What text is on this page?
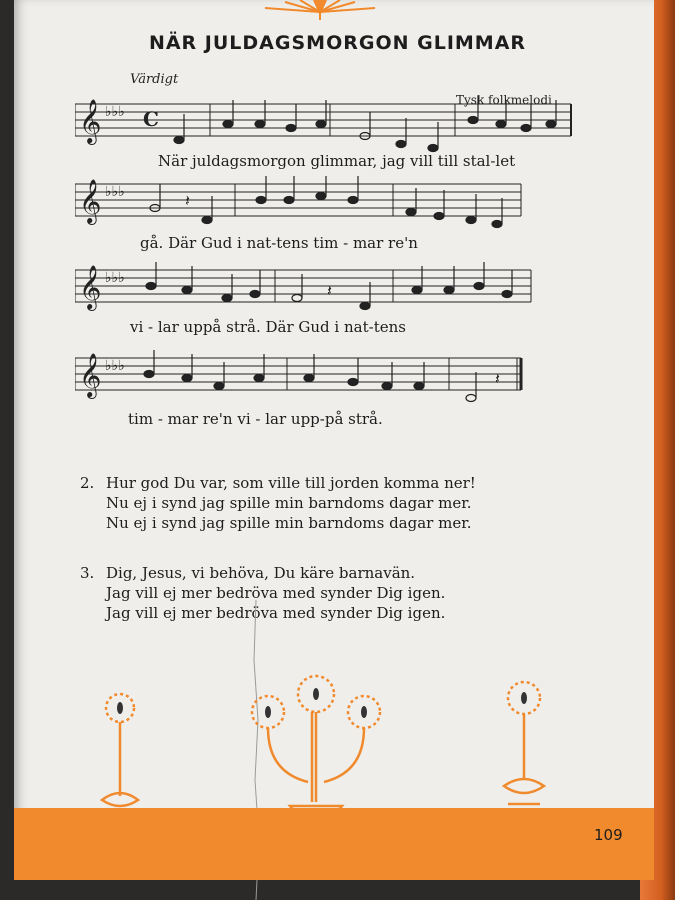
NÄR JULDAGSMORGON GLIMMAR
Värdigt
Tysk folkmelodi
𝄞 ♭♭♭ C
När juldagsmorgon glimmar, jag vill till stal-let
𝄞 ♭♭♭	𝄽
gå. Där Gud i nat-tens tim - mar re'n
𝄞 ♭♭♭
𝄽
vi - lar uppå strå. Där Gud i nat-tens
𝄞 ♭♭♭
𝄽
tim - mar re'n vi - lar upp-på strå.
2. Hur god Du var, som ville till jorden komma ner!
Nu ej i synd jag spille min barndoms dagar mer.
Nu ej i synd jag spille min barndoms dagar mer.
3. Dig, Jesus, vi behöva, Du käre barnavän.
Jag vill ej mer bedröva med synder Dig igen.
Jag vill ej mer bedröva med synder Dig igen.
109
